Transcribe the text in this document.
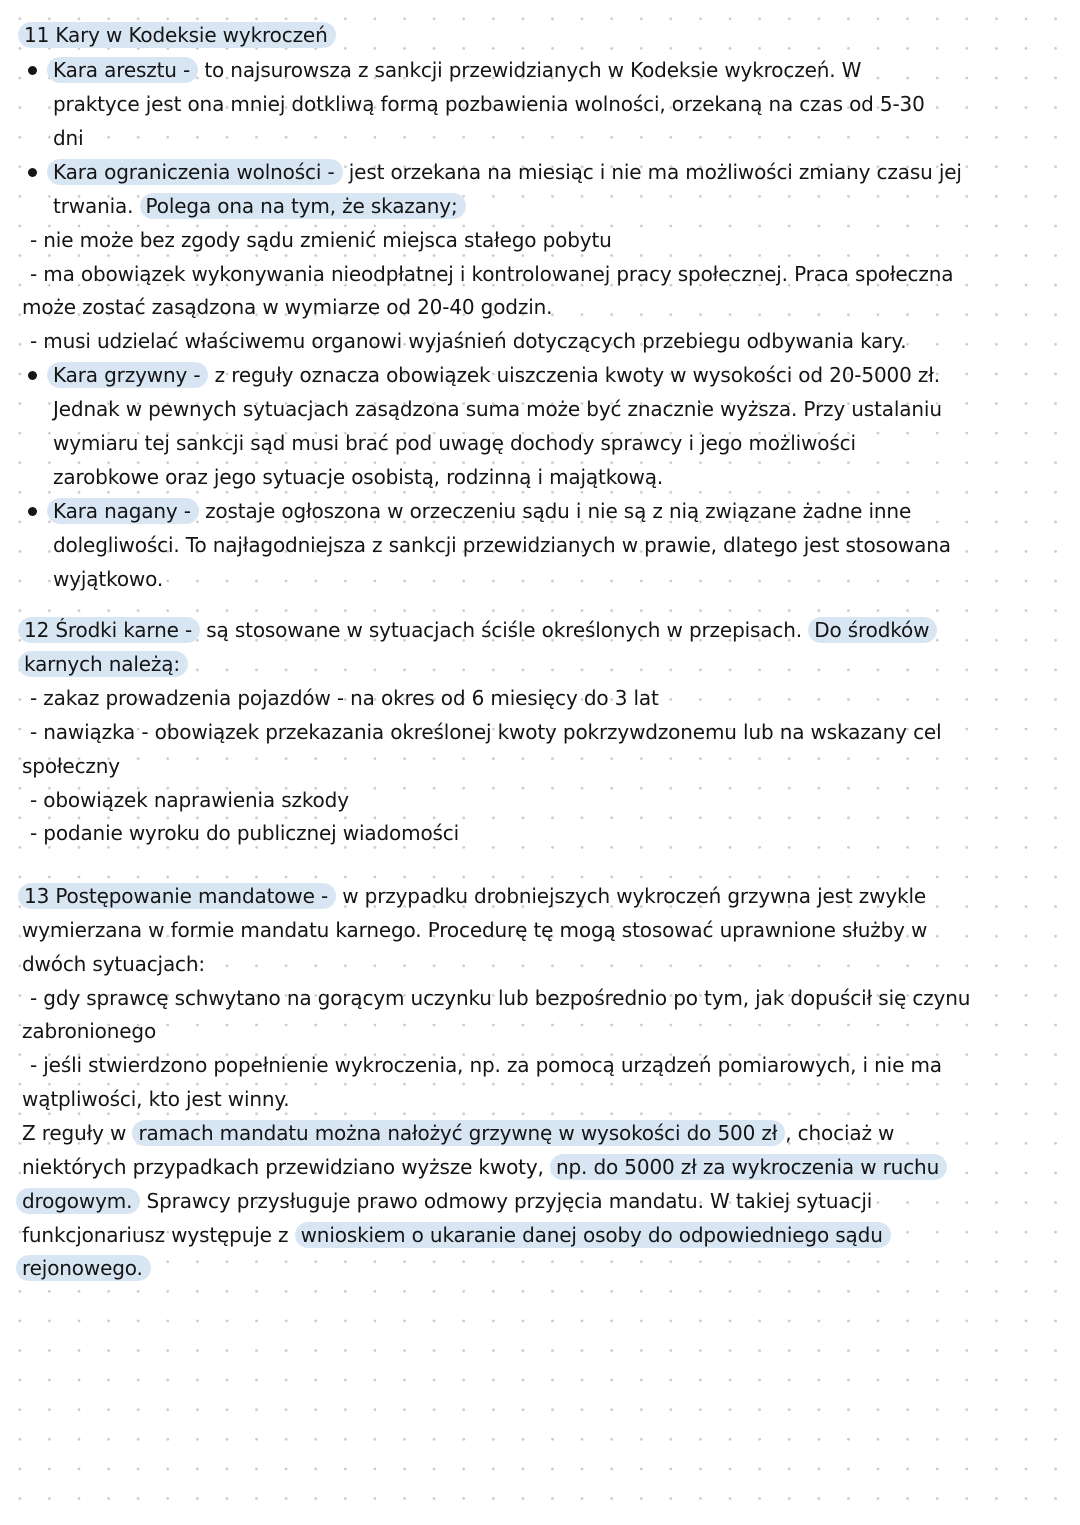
11 Kary w Kodeksie wykroczeń
Kara aresztu - to najsurowsza z sankcji przewidzianych w Kodeksie wykroczeń. W
praktyce jest ona mniej dotkliwą formą pozbawienia wolności, orzekaną na czas od 5-30
dni
Kara ograniczenia wolności - jest orzekana na miesiąc i nie ma możliwości zmiany czasu jej
trwania. Polega ona na tym, że skazany;
- nie może bez zgody sądu zmienić miejsca stałego pobytu
- ma obowiązek wykonywania nieodpłatnej i kontrolowanej pracy społecznej. Praca społeczna
może zostać zasądzona w wymiarze od 20-40 godzin.
- musi udzielać właściwemu organowi wyjaśnień dotyczących przebiegu odbywania kary.
Kara grzywny - z reguły oznacza obowiązek uiszczenia kwoty w wysokości od 20-5000 zł.
Jednak w pewnych sytuacjach zasądzona suma może być znacznie wyższa. Przy ustalaniu
wymiaru tej sankcji sąd musi brać pod uwagę dochody sprawcy i jego możliwości
zarobkowe oraz jego sytuacje osobistą, rodzinną i majątkową.
Kara nagany - zostaje ogłoszona w orzeczeniu sądu i nie są z nią związane żadne inne
dolegliwości. To najłagodniejsza z sankcji przewidzianych w prawie, dlatego jest stosowana
wyjątkowo.
12 Środki karne - są stosowane w sytuacjach ściśle określonych w przepisach. Do środków
karnych należą:
- zakaz prowadzenia pojazdów - na okres od 6 miesięcy do 3 lat
- nawiązka - obowiązek przekazania określonej kwoty pokrzywdzonemu lub na wskazany cel
społeczny
- obowiązek naprawienia szkody
- podanie wyroku do publicznej wiadomości
13 Postępowanie mandatowe - w przypadku drobniejszych wykroczeń grzywna jest zwykle
wymierzana w formie mandatu karnego. Procedurę tę mogą stosować uprawnione służby w
dwóch sytuacjach:
- gdy sprawcę schwytano na gorącym uczynku lub bezpośrednio po tym, jak dopuścił się czynu
zabronionego
- jeśli stwierdzono popełnienie wykroczenia, np. za pomocą urządzeń pomiarowych, i nie ma
wątpliwości, kto jest winny.
Z reguły w ramach mandatu można nałożyć grzywnę w wysokości do 500 zł , chociaż w
niektórych przypadkach przewidziano wyższe kwoty, np. do 5000 zł za wykroczenia w ruchu
drogowym. Sprawcy przysługuje prawo odmowy przyjęcia mandatu. W takiej sytuacji
funkcjonariusz występuje z wnioskiem o ukaranie danej osoby do odpowiedniego sądu
rejonowego.
